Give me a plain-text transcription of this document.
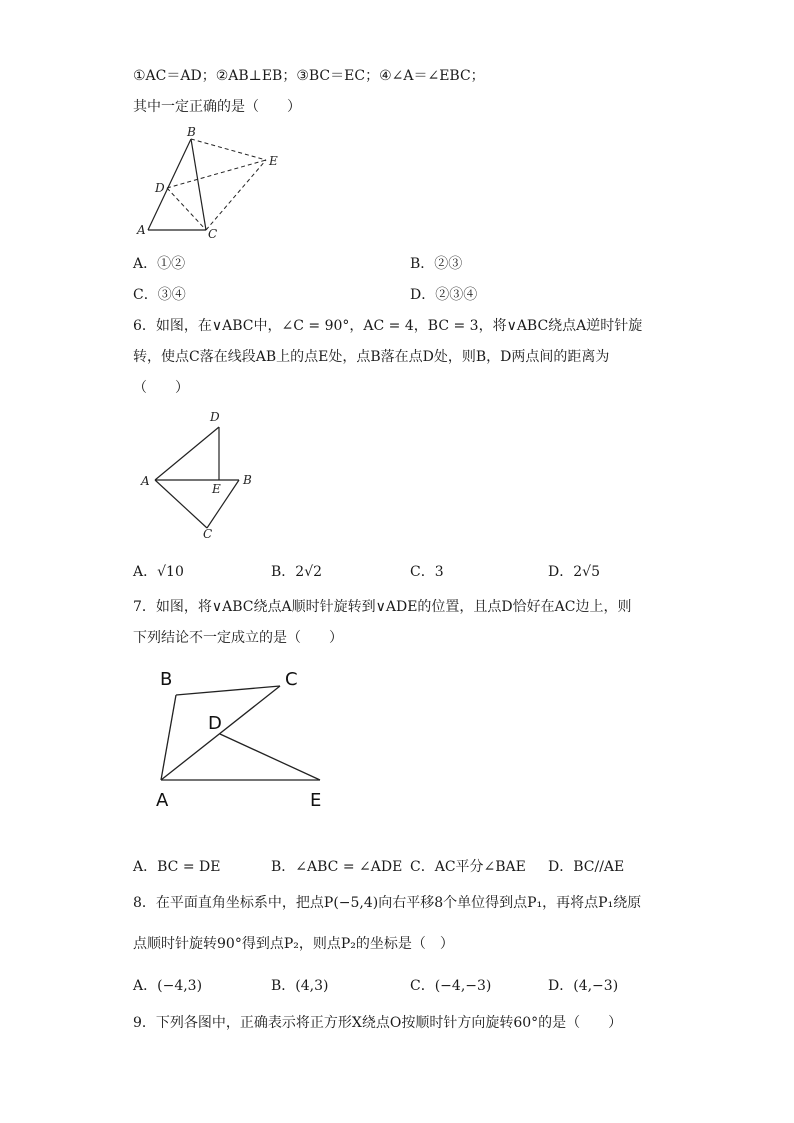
①AC＝AD；②AB⊥EB；③BC＝EC；④∠A＝∠EBC；
其中一定正确的是（　　）
B
E
D
A	C
A．①②	B．②③
C．③④	D．②③④
6．如图，在∨ABC中，∠C = 90°，AC = 4，BC = 3，将∨ABC绕点A逆时针旋
转，使点C落在线段AB上的点E处，点B落在点D处，则B，D两点间的距离为
（　　）
D
A
E
B
C
A．√10	B．2√2	C．3	D．2√5
7．如图，将∨ABC绕点A顺时针旋转到∨ADE的位置，且点D恰好在AC边上，则
下列结论不一定成立的是（　　）
B	C
D
A	E
A．BC = DE	B．∠ABC = ∠ADE C．AC平分∠BAE D．BC//AE
8．在平面直角坐标系中，把点P(−5,4)向右平移8个单位得到点P₁，再将点P₁绕原
点顺时针旋转90°得到点P₂，则点P₂的坐标是（　）
A．(−4,3)	B．(4,3)	C．(−4,−3)	D．(4,−3)
9．下列各图中，正确表示将正方形X绕点O按顺时针方向旋转60°的是（　　）
